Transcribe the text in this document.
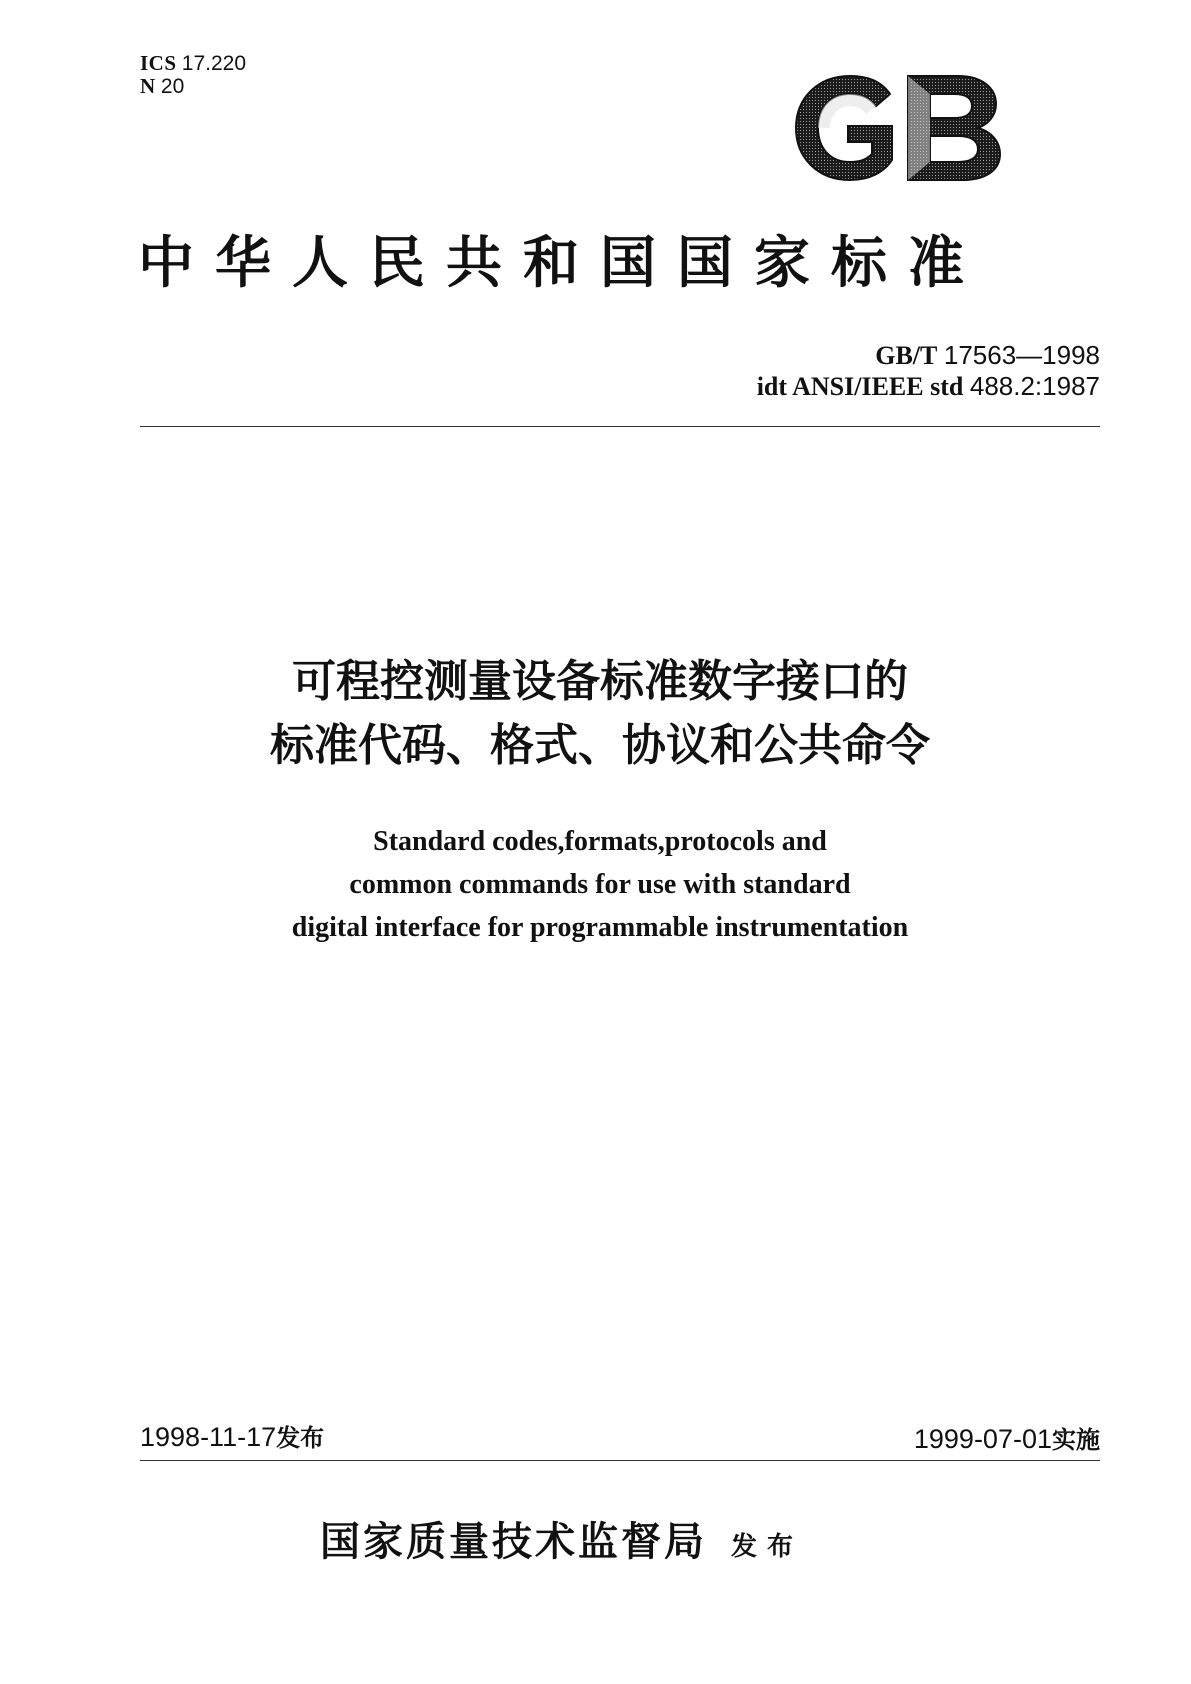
ICS 17.220
N 20
中华人民共和国国家标准
GB/T 17563—1998
idt ANSI/IEEE std 488.2:1987
可程控测量设备标准数字接口的
标准代码、格式、协议和公共命令
Standard codes,formats,protocols and
common commands for use with standard
digital interface for programmable instrumentation
1998-11-17发布	1999-07-01实施
国家质量技术监督局 发布
